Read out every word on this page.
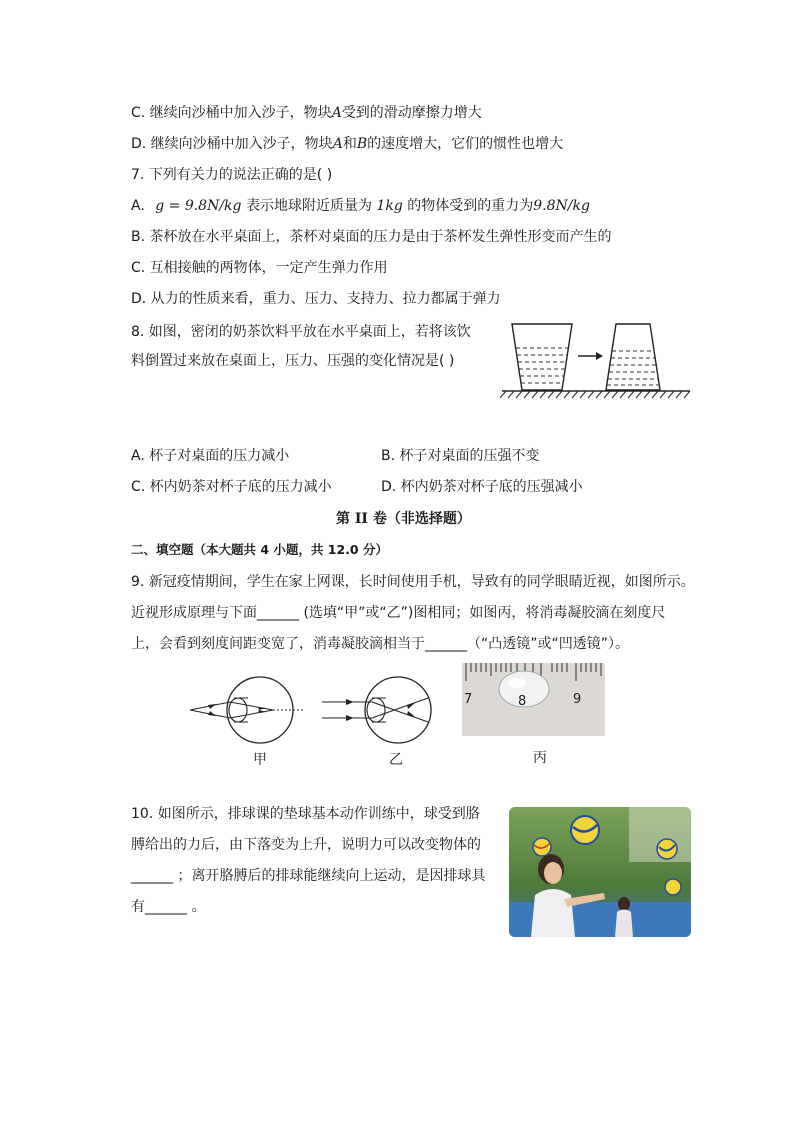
C. 继续向沙桶中加入沙子，物块A受到的滑动摩擦力增大
D. 继续向沙桶中加入沙子，物块A和B的速度增大，它们的惯性也增大
7. 下列有关力的说法正确的是( )
A. g = 9.8N/kg 表示地球附近质量为 1kg 的物体受到的重力为9.8N/kg
B. 茶杯放在水平桌面上，茶杯对桌面的压力是由于茶杯发生弹性形变而产生的
C. 互相接触的两物体，一定产生弹力作用
D. 从力的性质来看，重力、压力、支持力、拉力都属于弹力
8. 如图，密闭的奶茶饮料平放在水平桌面上，若将该饮
料倒置过来放在桌面上，压力、压强的变化情况是( )
A. 杯子对桌面的压力减小	B. 杯子对桌面的压强不变
C. 杯内奶茶对杯子底的压力减小	D. 杯内奶茶对杯子底的压强减小
第 II 卷（非选择题）
二、填空题（本大题共 4 小题，共 12.0 分）
9. 新冠疫情期间，学生在家上网课，长时间使用手机，导致有的同学眼睛近视，如图所示。
近视形成原理与下面______ (选填“甲”或“乙”)图相同；如图丙，将消毒凝胶滴在刻度尺
上，会看到刻度间距变宽了，消毒凝胶滴相当于______（“凸透镜”或“凹透镜”）。
甲	乙
7	8	9
丙
10. 如图所示，排球课的垫球基本动作训练中，球受到胳
膊给出的力后，由下落变为上升，说明力可以改变物体的
______ ；离开胳膊后的排球能继续向上运动，是因排球具
有______ 。
